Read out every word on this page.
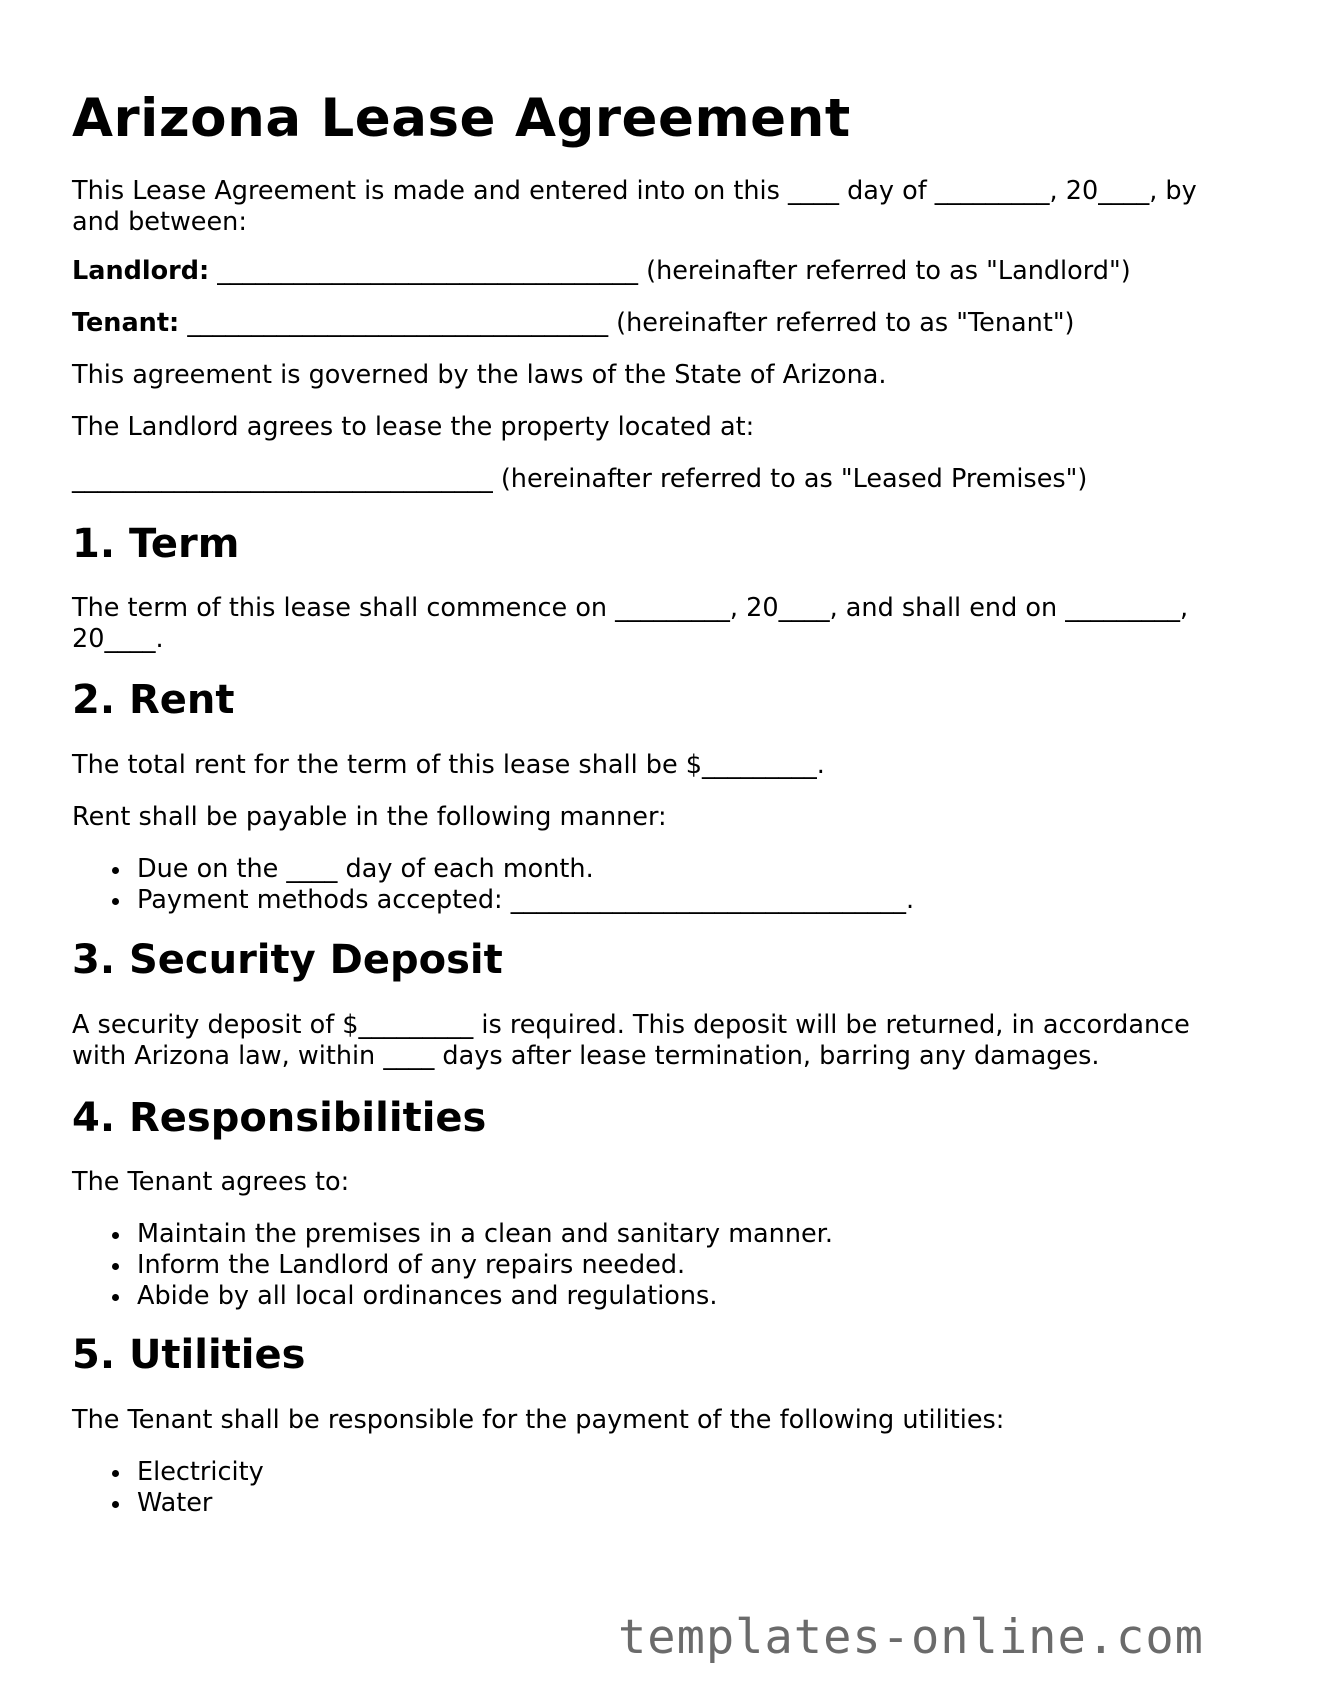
Arizona Lease Agreement

This Lease Agreement is made and entered into on this ____ day of _________, 20____, by and between:

Landlord: _________________________________ (hereinafter referred to as "Landlord")

Tenant: _________________________________ (hereinafter referred to as "Tenant")

This agreement is governed by the laws of the State of Arizona.

The Landlord agrees to lease the property located at:

_________________________________ (hereinafter referred to as "Leased Premises")

1. Term

The term of this lease shall commence on _________, 20____, and shall end on _________, 20____.

2. Rent

The total rent for the term of this lease shall be $_________.

Rent shall be payable in the following manner:

Due on the ____ day of each month.
Payment methods accepted: _______________________________.
3. Security Deposit

A security deposit of $_________ is required. This deposit will be returned, in accordance with Arizona law, within ____ days after lease termination, barring any damages.

4. Responsibilities

The Tenant agrees to:

Maintain the premises in a clean and sanitary manner.
Inform the Landlord of any repairs needed.
Abide by all local ordinances and regulations.
5. Utilities

The Tenant shall be responsible for the payment of the following utilities:

Electricity
Water
templates-online.com
